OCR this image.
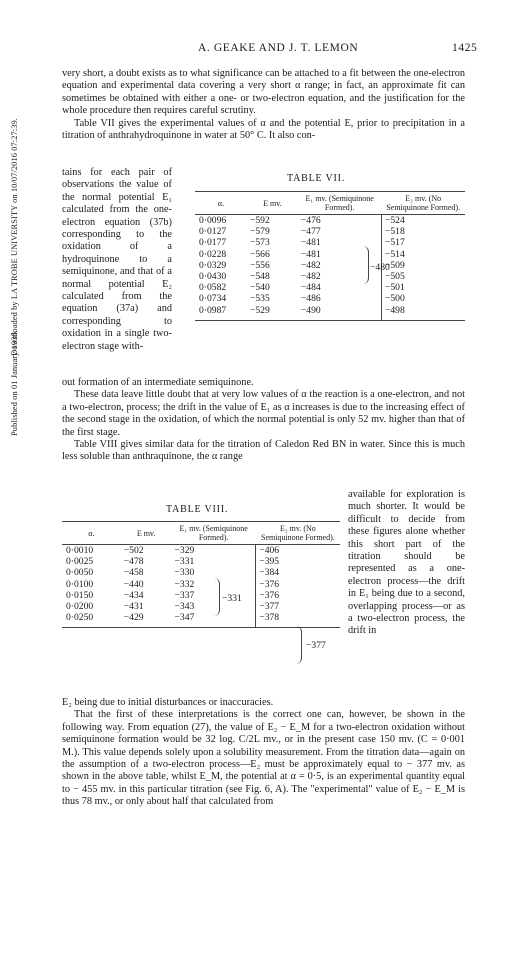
Downloaded by LA TROBE UNIVERSITY on 10/07/2016 07:27:39.
Published on 01 January 1938.
A. GEAKE AND J. T. LEMON	1425

very short, a doubt exists as to what significance can be attached to a fit between the one-electron equation and experimental data covering a very short α range; in fact, an approximate fit can sometimes be obtained with either a one- or two-electron equation, and the justification for the whole procedure then requires careful scrutiny.

Table VII gives the experimental values of α and the potential E, prior to precipitation in a titration of anthrahydroquinone in water at 50° C. It also con-

tains for each pair of observations the value of the normal potential E₁ calculated from the one-electron equation (37b) corresponding to the oxidation of a hydroquinone to a semiquinone, and that of a normal potential E₂ calculated from the equation (37a) and corresponding to oxidation in a single two-electron stage with-
TABLE VII.
α.	E mv.	E₁ mv. (Semiquinone Formed).	E₂ mv. (No Semiquinone Formed).
0·0096	−592	−476	−524
0·0127	−579	−477	−518
0·0177	−573	−481	−517
0·0228	−566	−481	−514
0·0329	−556	−482	−509
0·0430	−548	−482	−505
0·0582	−540	−484	−501
0·0734	−535	−486	−500
0·0987	−529	−490	−498
−480

out formation of an intermediate semiquinone.

These data leave little doubt that at very low values of α the reaction is a one-electron, and not a two-electron, process; the drift in the value of E₁ as α increases is due to the increasing effect of the second stage in the oxidation, of which the normal potential is only 52 mv. higher than that of the first stage.

Table VIII gives similar data for the titration of Caledon Red BN in water. Since this is much less soluble than anthraquinone, the α range

available for exploration is much shorter. It would be difficult to decide from these figures alone whether this short part of the titration should be represented as a one-electron process—the drift in E₁ being due to a second, overlapping process—or as a two-electron process, the drift in
TABLE VIII.
α.	E mv.	E₁ mv. (Semiquinone Formed).	E₂ mv. (No Semiquinone Formed).
0·0010	−502	−329	−406
0·0025	−478	−331	−395
0·0050	−458	−330	−384
0·0100	−440	−332	−376
0·0150	−434	−337	−376
0·0200	−431	−343	−377
0·0250	−429	−347	−378
−331
−377

E₂ being due to initial disturbances or inaccuracies.

That the first of these interpretations is the correct one can, however, be shown in the following way. From equation (27), the value of E₂ − E_M for a two-electron oxidation without semiquinone formation would be 32 log. C/2L mv., or in the present case 150 mv. (C = 0·001 M.). This value depends solely upon a solubility measurement. From the titration data—again on the assumption of a two-electron process—E₂ must be approximately equal to − 377 mv. as shown in the above table, whilst E_M, the potential at α = 0·5, is an experimental quantity equal to − 455 mv. in this particular titration (see Fig. 6, A). The "experimental" value of E₂ − E_M is thus 78 mv., or only about half that calculated from
